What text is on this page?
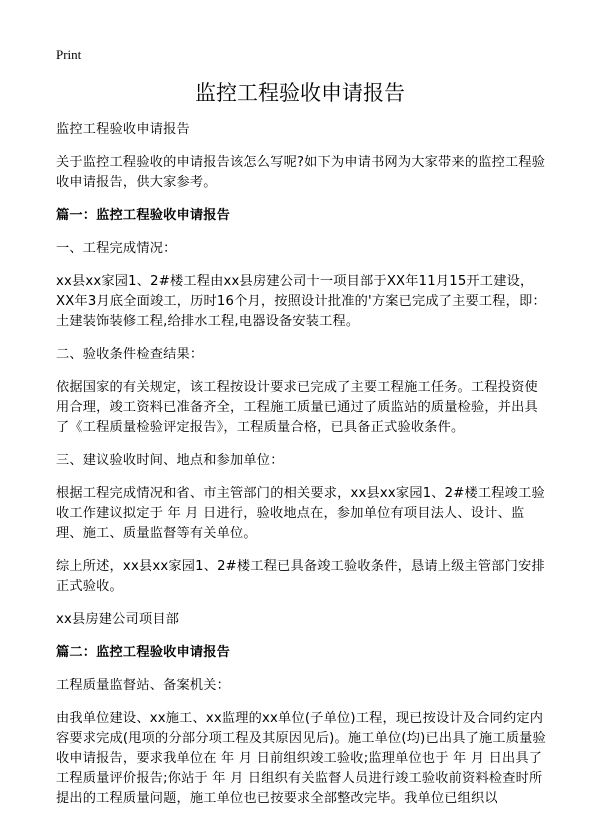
Print
监控工程验收申请报告

监控工程验收申请报告

关于监控工程验收的申请报告该怎么写呢?如下为申请书网为大家带来的监控工程验收申请报告，供大家参考。

篇一：监控工程验收申请报告

一、工程完成情况：

xx县xx家园1、2#楼工程由xx县房建公司十一项目部于XX年11月15开工建设， XX年3月底全面竣工，历时16个月，按照设计批准的'方案已完成了主要工程，即：土建装饰装修工程,给排水工程,电器设备安装工程。

二、验收条件检查结果：

依据国家的有关规定，该工程按设计要求已完成了主要工程施工任务。工程投资使用合理，竣工资料已准备齐全，工程施工质量已通过了质监站的质量检验，并出具了《工程质量检验评定报告》，工程质量合格，已具备正式验收条件。

三、建议验收时间、地点和参加单位：

根据工程完成情况和省、市主管部门的相关要求，xx县xx家园1、2#楼工程竣工验收工作建议拟定于 年 月 日进行，验收地点在，参加单位有项目法人、设计、监理、施工、质量监督等有关单位。

综上所述，xx县xx家园1、2#楼工程已具备竣工验收条件，恳请上级主管部门安排正式验收。

xx县房建公司项目部

篇二：监控工程验收申请报告

工程质量监督站、备案机关：

由我单位建设、xx施工、xx监理的xx单位(子单位)工程，现已按设计及合同约定内容要求完成(甩项的分部分项工程及其原因见后)。施工单位(均)已出具了施工质量验收申请报告，要求我单位在 年 月 日前组织竣工验收;监理单位也于 年 月 日出具了工程质量评价报告;你站于 年 月 日组织有关监督人员进行竣工验收前资料检查时所提出的工程质量问题，施工单位也已按要求全部整改完毕。我单位已组织以
